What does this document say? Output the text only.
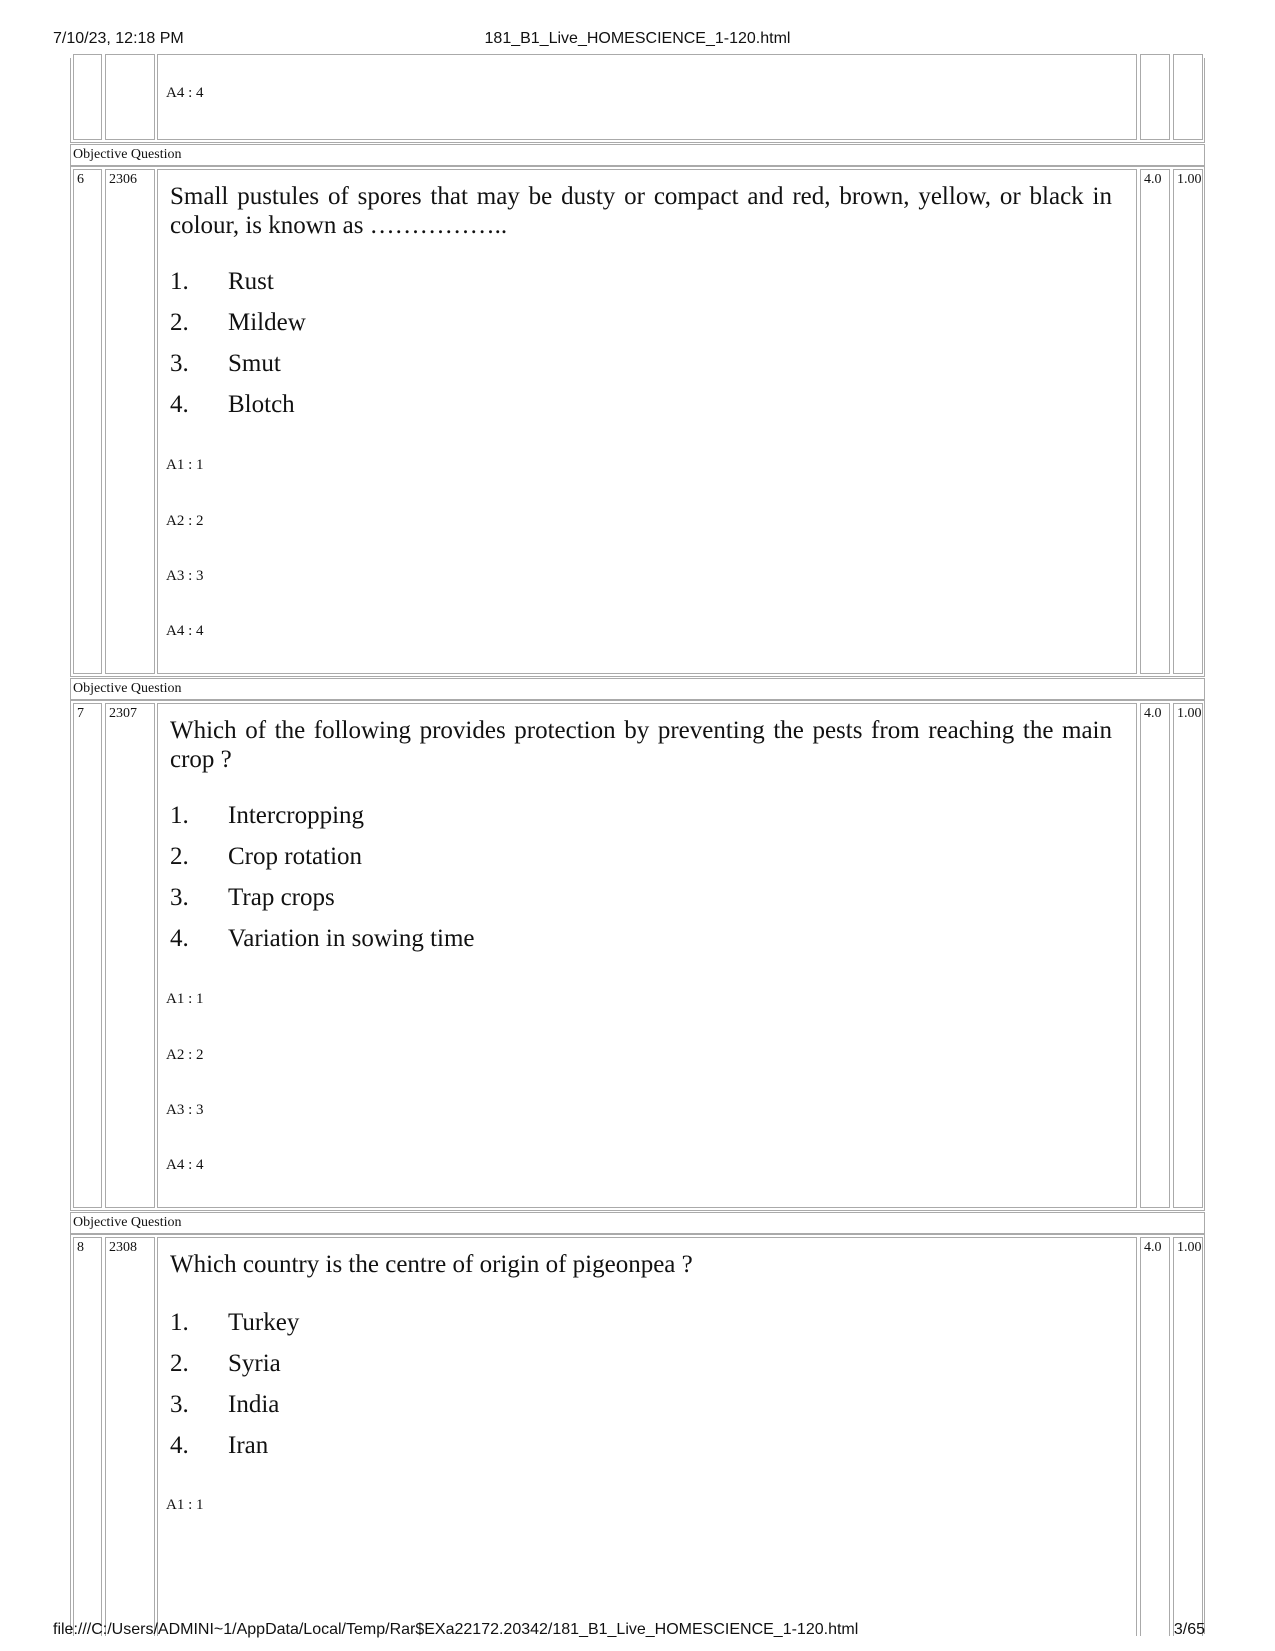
7/10/23, 12:18 PM	181_B1_Live_HOMESCIENCE_1-120.html
A4 : 4
Objective Question
6	2306
Small pustules of spores that may be dusty or compact and red, brown, yellow, or black in colour, is known as ……………..
1. Rust
2. Mildew
3. Smut
4. Blotch
A1 : 1
A2 : 2
A3 : 3
A4 : 4
4.0	1.00
Objective Question
7	2307
Which of the following provides protection by preventing the pests from reaching the main crop ?
1. Intercropping
2. Crop rotation
3. Trap crops
4. Variation in sowing time
A1 : 1
A2 : 2
A3 : 3
A4 : 4
4.0	1.00
Objective Question
8	2308
Which country is the centre of origin of pigeonpea ?
1. Turkey
2. Syria
3. India
4. Iran
A1 : 1
4.0	1.00
file:///C:/Users/ADMINI~1/AppData/Local/Temp/Rar$EXa22172.20342/181_B1_Live_HOMESCIENCE_1-120.html	3/65
